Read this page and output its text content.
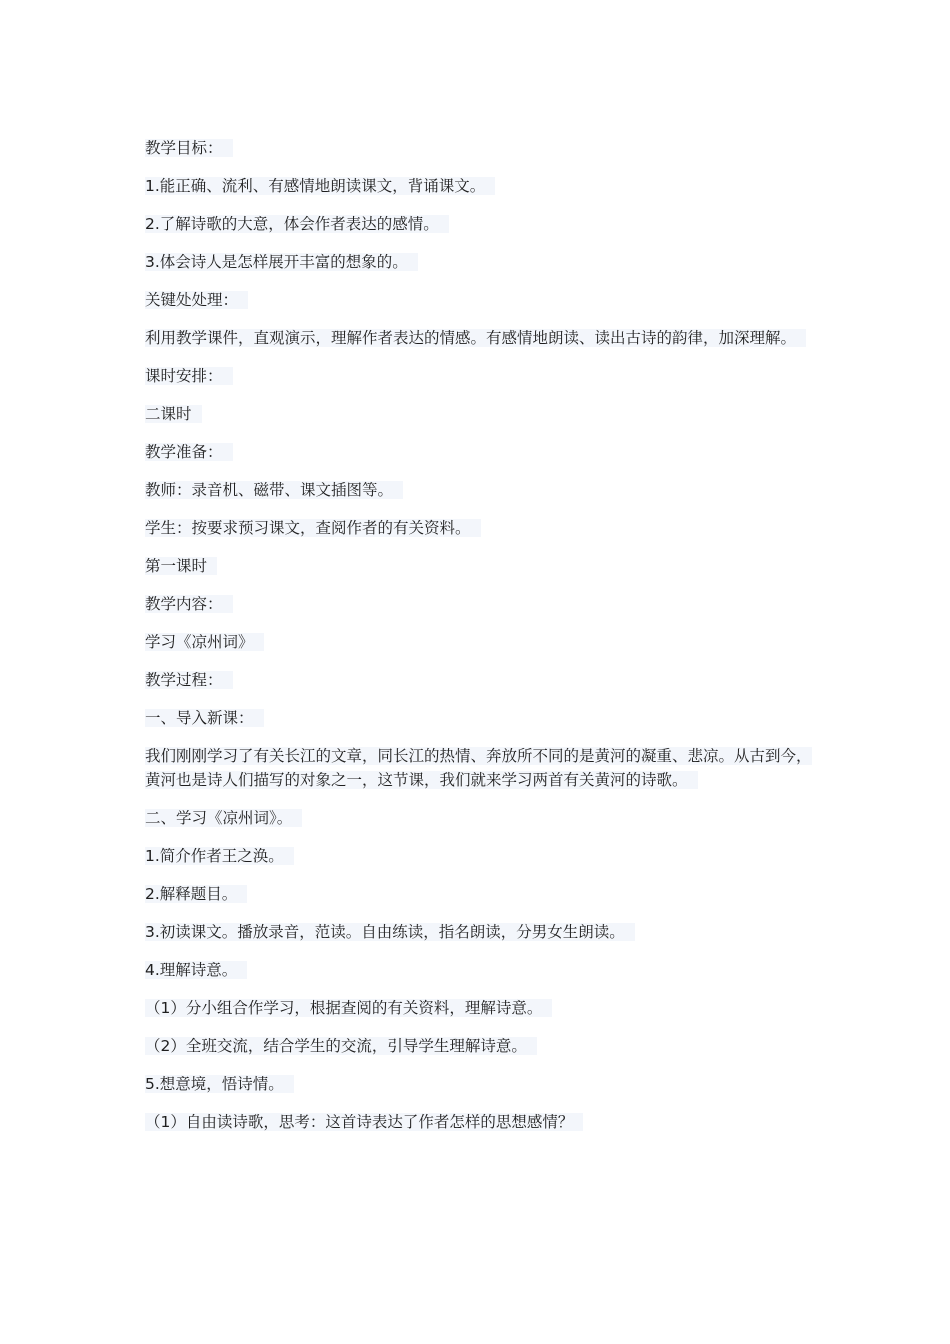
教学目标：

1.能正确、流利、有感情地朗读课文，背诵课文。

2.了解诗歌的大意，体会作者表达的感情。

3.体会诗人是怎样展开丰富的想象的。

关键处处理：

利用教学课件，直观演示，理解作者表达的情感。有感情地朗读、读出古诗的韵律，加深理解。

课时安排：

二课时

教学准备：

教师：录音机、磁带、课文插图等。

学生：按要求预习课文，查阅作者的有关资料。

第一课时

教学内容：

学习《凉州词》

教学过程：

一、导入新课：

我们刚刚学习了有关长江的文章，同长江的热情、奔放所不同的是黄河的凝重、悲凉。从古到今，黄河也是诗人们描写的对象之一，这节课，我们就来学习两首有关黄河的诗歌。

二、学习《凉州词》。

1.简介作者王之涣。

2.解释题目。

3.初读课文。播放录音，范读。自由练读，指名朗读，分男女生朗读。

4.理解诗意。

（1）分小组合作学习，根据查阅的有关资料，理解诗意。

（2）全班交流，结合学生的交流，引导学生理解诗意。

5.想意境，悟诗情。

（1）自由读诗歌，思考：这首诗表达了作者怎样的思想感情？
